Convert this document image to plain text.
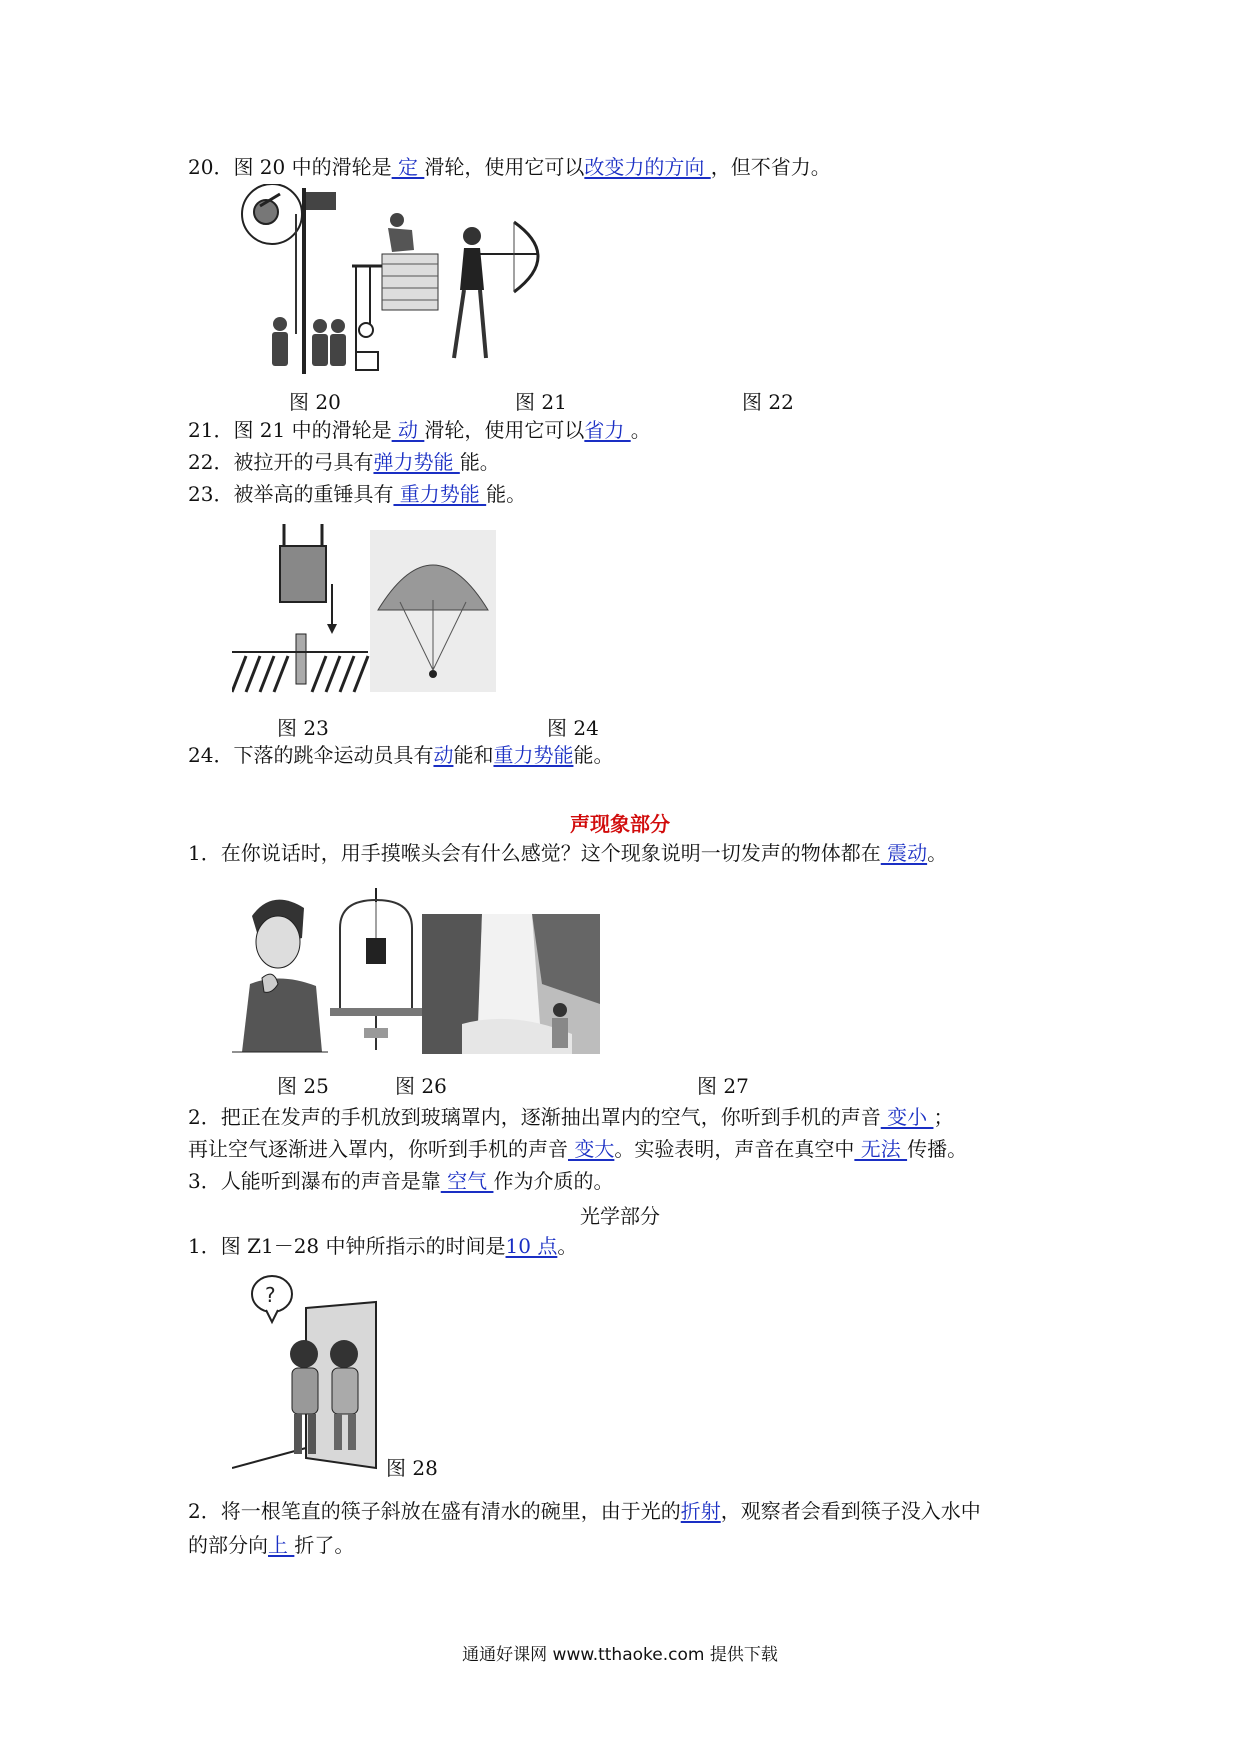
20．图 20 中的滑轮是 定 滑轮，使用它可以改变力的方向 ，但不省力。
图 20	图 21	图 22
21．图 21 中的滑轮是 动 滑轮，使用它可以省力 。
22．被拉开的弓具有弹力势能 能。
23．被举高的重锤具有 重力势能 能。
图 23	图 24
24．下落的跳伞运动员具有动能和重力势能能。
声现象部分
1．在你说话时，用手摸喉头会有什么感觉？这个现象说明一切发声的物体都在 震动。
图 25	图 26	图 27
2．把正在发声的手机放到玻璃罩内，逐渐抽出罩内的空气，你听到手机的声音 变小 ；
再让空气逐渐进入罩内，你听到手机的声音 变大。实验表明，声音在真空中 无法 传播。
3．人能听到瀑布的声音是靠 空气 作为介质的。
光学部分
1．图 Z1－28 中钟所指示的时间是10 点。
?
图 28
2．将一根笔直的筷子斜放在盛有清水的碗里，由于光的折射，观察者会看到筷子没入水中
的部分向上 折了。
通通好课网 www.tthaoke.com 提供下载
